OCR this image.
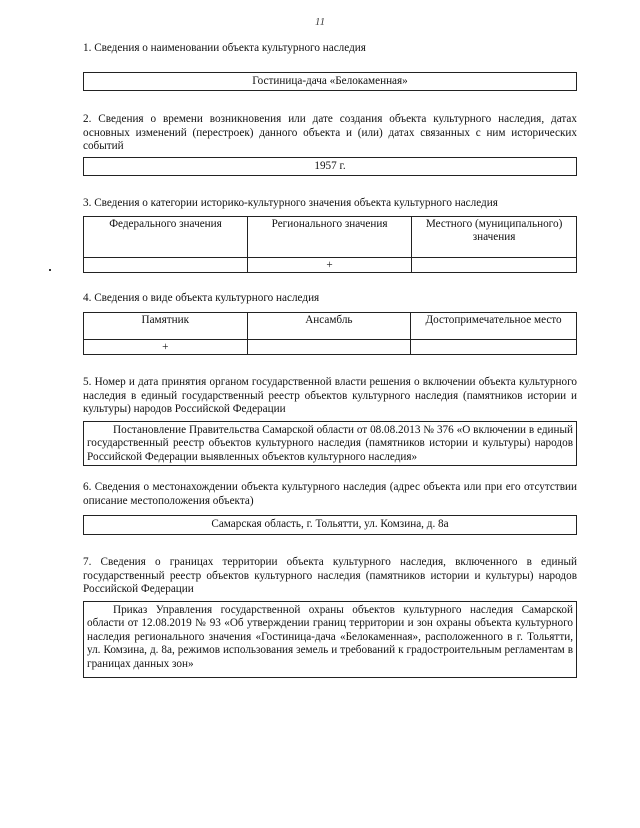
11
1. Сведения о наименовании объекта культурного наследия
Гостиница-дача «Белокаменная»
2. Сведения о времени возникновения или дате создания объекта культурного наследия, датах основных изменений (перестроек) данного объекта и (или) датах связанных с ним исторических событий
1957 г.
3. Сведения о категории историко-культурного значения объекта культурного наследия
Федерального значения	Регионального значения	Местного (муниципального) значения
	+	
4. Сведения о виде объекта культурного наследия
Памятник	Ансамбль	Достопримечательное место
+		
5. Номер и дата принятия органом государственной власти решения о включении объекта культурного наследия в единый государственный реестр объектов культурного наследия (памятников истории и культуры) народов Российской Федерации

Постановление Правительства Самарской области от 08.08.2013 № 376 «О включении в единый государственный реестр объектов культурного наследия (памятников истории и культуры) народов Российской Федерации выявленных объектов культурного наследия»

6. Сведения о местонахождении объекта культурного наследия (адрес объекта или при его отсутствии описание местоположения объекта)
Самарская область, г. Тольятти, ул. Комзина, д. 8а
7. Сведения о границах территории объекта культурного наследия, включенного в единый государственный реестр объектов культурного наследия (памятников истории и культуры) народов Российской Федерации

Приказ Управления государственной охраны объектов культурного наследия Самарской области от 12.08.2019 № 93 «Об утверждении границ территории и зон охраны объекта культурного наследия регионального значения «Гостиница-дача «Белокаменная», расположенного в г. Тольятти, ул. Комзина, д. 8а, режимов использования земель и требований к градостроительным регламентам в границах данных зон»
